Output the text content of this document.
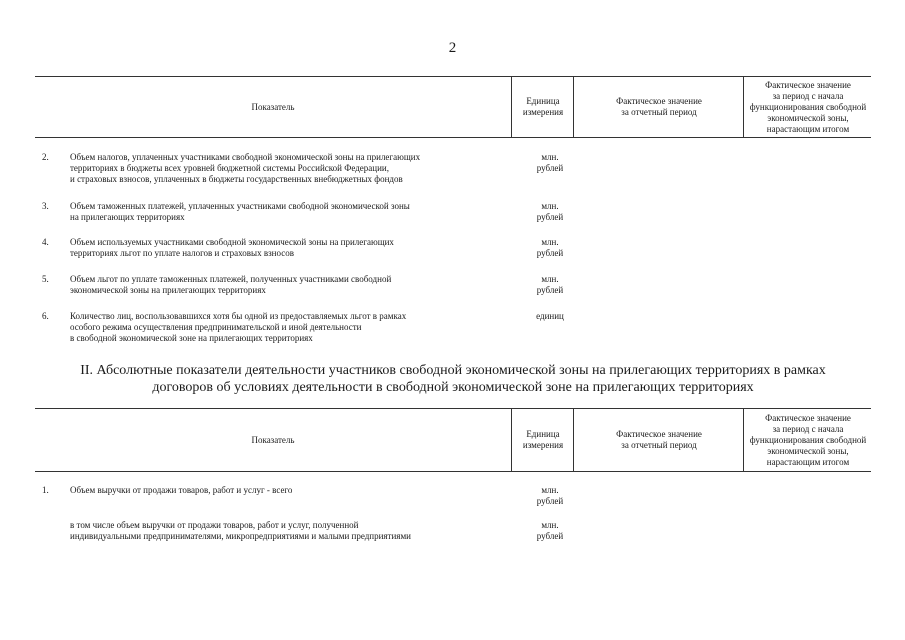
2
Показатель
Единица
измерения
Фактическое значение
за отчетный период
Фактическое значение
за период с начала
функционирования свободной
экономической зоны,
нарастающим итогом
2.	Объем налогов, уплаченных участниками свободной экономической зоны на прилегающих
территориях в бюджеты всех уровней бюджетной системы Российской Федерации,
и страховых взносов, уплаченных в бюджеты государственных внебюджетных фондов
млн.
рублей
3.	Объем таможенных платежей, уплаченных участниками свободной экономической зоны
на прилегающих территориях
млн.
рублей
4.	Объем используемых участниками свободной экономической зоны на прилегающих
территориях льгот по уплате налогов и страховых взносов
млн.
рублей
5.	Объем льгот по уплате таможенных платежей, полученных участниками свободной
экономической зоны на прилегающих территориях
млн.
рублей
6.	Количество лиц, воспользовавшихся хотя бы одной из предоставляемых льгот в рамках
особого режима осуществления предпринимательской и иной деятельности
в свободной экономической зоне на прилегающих территориях
единиц
II. Абсолютные показатели деятельности участников свободной экономической зоны на прилегающих территориях в рамках
договоров об условиях деятельности в свободной экономической зоне на прилегающих территориях
Показатель
Единица
измерения
Фактическое значение
за отчетный период
Фактическое значение
за период с начала
функционирования свободной
экономической зоны,
нарастающим итогом
1.	Объем выручки от продажи товаров, работ и услуг - всего	млн.
рублей
в том числе объем выручки от продажи товаров, работ и услуг, полученной
индивидуальными предпринимателями, микропредприятиями и малыми предприятиями
млн.
рублей
